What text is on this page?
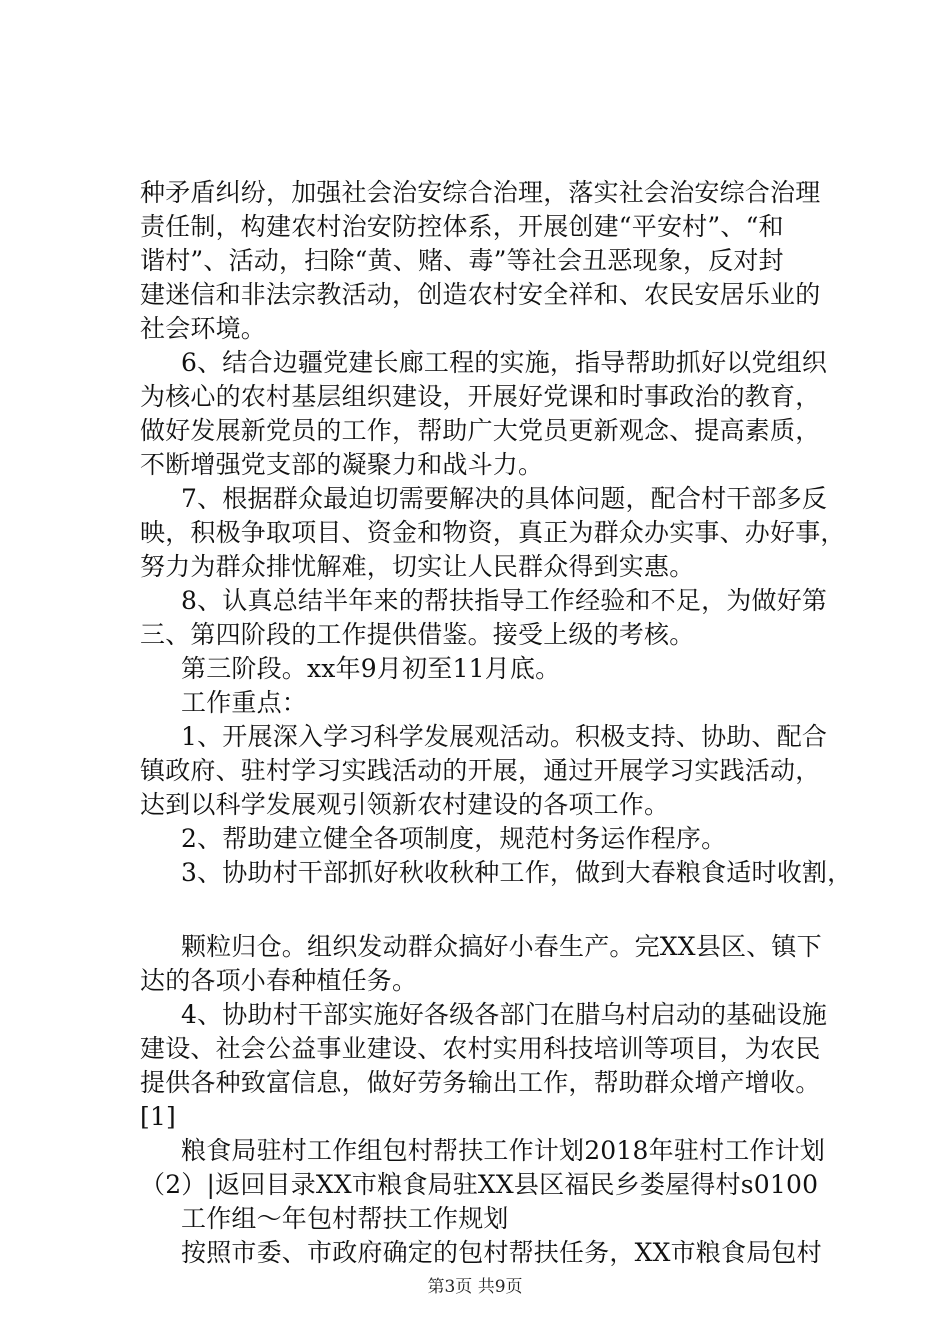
种矛盾纠纷，加强社会治安综合治理，落实社会治安综合治理
责任制，构建农村治安防控体系，开展创建“平安村”、“和
谐村”、活动，扫除“黄、赌、毒”等社会丑恶现象，反对封
建迷信和非法宗教活动，创造农村安全祥和、农民安居乐业的
社会环境。
6、结合边疆党建长廊工程的实施，指导帮助抓好以党组织
为核心的农村基层组织建设，开展好党课和时事政治的教育，
做好发展新党员的工作，帮助广大党员更新观念、提高素质，
不断增强党支部的凝聚力和战斗力。
7、根据群众最迫切需要解决的具体问题，配合村干部多反
映，积极争取项目、资金和物资，真正为群众办实事、办好事，
努力为群众排忧解难，切实让人民群众得到实惠。
8、认真总结半年来的帮扶指导工作经验和不足，为做好第
三、第四阶段的工作提供借鉴。接受上级的考核。
第三阶段。xx年9月初至11月底。
工作重点：
1、开展深入学习科学发展观活动。积极支持、协助、配合
镇政府、驻村学习实践活动的开展，通过开展学习实践活动，
达到以科学发展观引领新农村建设的各项工作。
2、帮助建立健全各项制度，规范村务运作程序。
3、协助村干部抓好秋收秋种工作，做到大春粮食适时收割，
颗粒归仓。组织发动群众搞好小春生产。完XX县区、镇下
达的各项小春种植任务。
4、协助村干部实施好各级各部门在腊乌村启动的基础设施
建设、社会公益事业建设、农村实用科技培训等项目，为农民
提供各种致富信息，做好劳务输出工作，帮助群众增产增收。
[1]
粮食局驻村工作组包村帮扶工作计划2018年驻村工作计划
（2）|返回目录XX市粮食局驻XX县区福民乡娄屋得村s0100
工作组～年包村帮扶工作规划
按照市委、市政府确定的包村帮扶任务，XX市粮食局包村
第3页 共9页
